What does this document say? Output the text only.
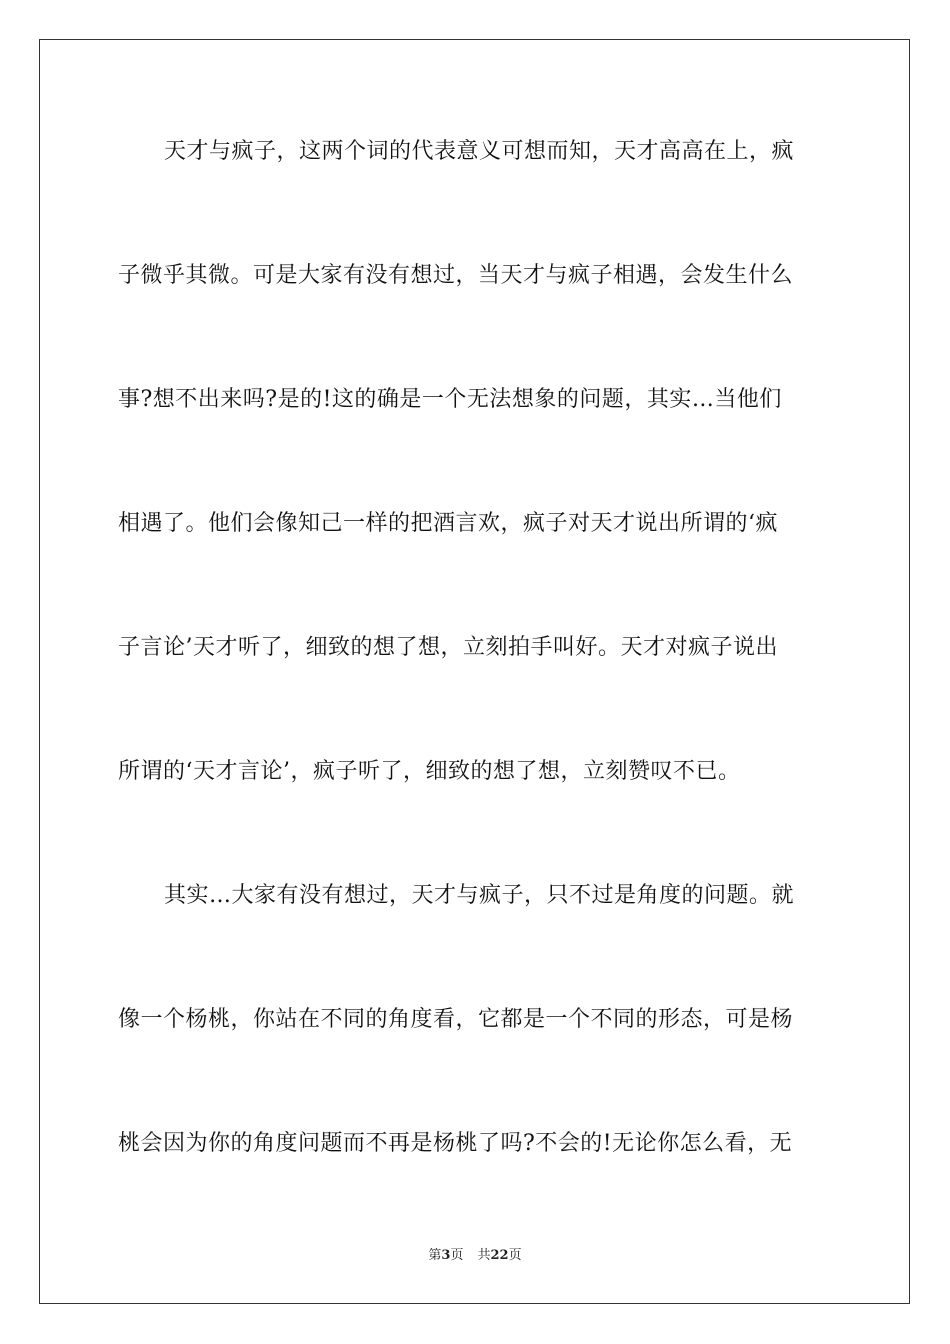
天才与疯子，这两个词的代表意义可想而知，天才高高在上，疯
子微乎其微。可是大家有没有想过，当天才与疯子相遇，会发生什么
事?想不出来吗?是的!这的确是一个无法想象的问题，其实…当他们
相遇了。他们会像知己一样的把酒言欢，疯子对天才说出所谓的‘疯
子言论’天才听了，细致的想了想，立刻拍手叫好。天才对疯子说出
所谓的‘天才言论’，疯子听了，细致的想了想，立刻赞叹不已。
其实…大家有没有想过，天才与疯子，只不过是角度的问题。就
像一个杨桃，你站在不同的角度看，它都是一个不同的形态，可是杨
桃会因为你的角度问题而不再是杨桃了吗?不会的!无论你怎么看，无
第3页 共22页
